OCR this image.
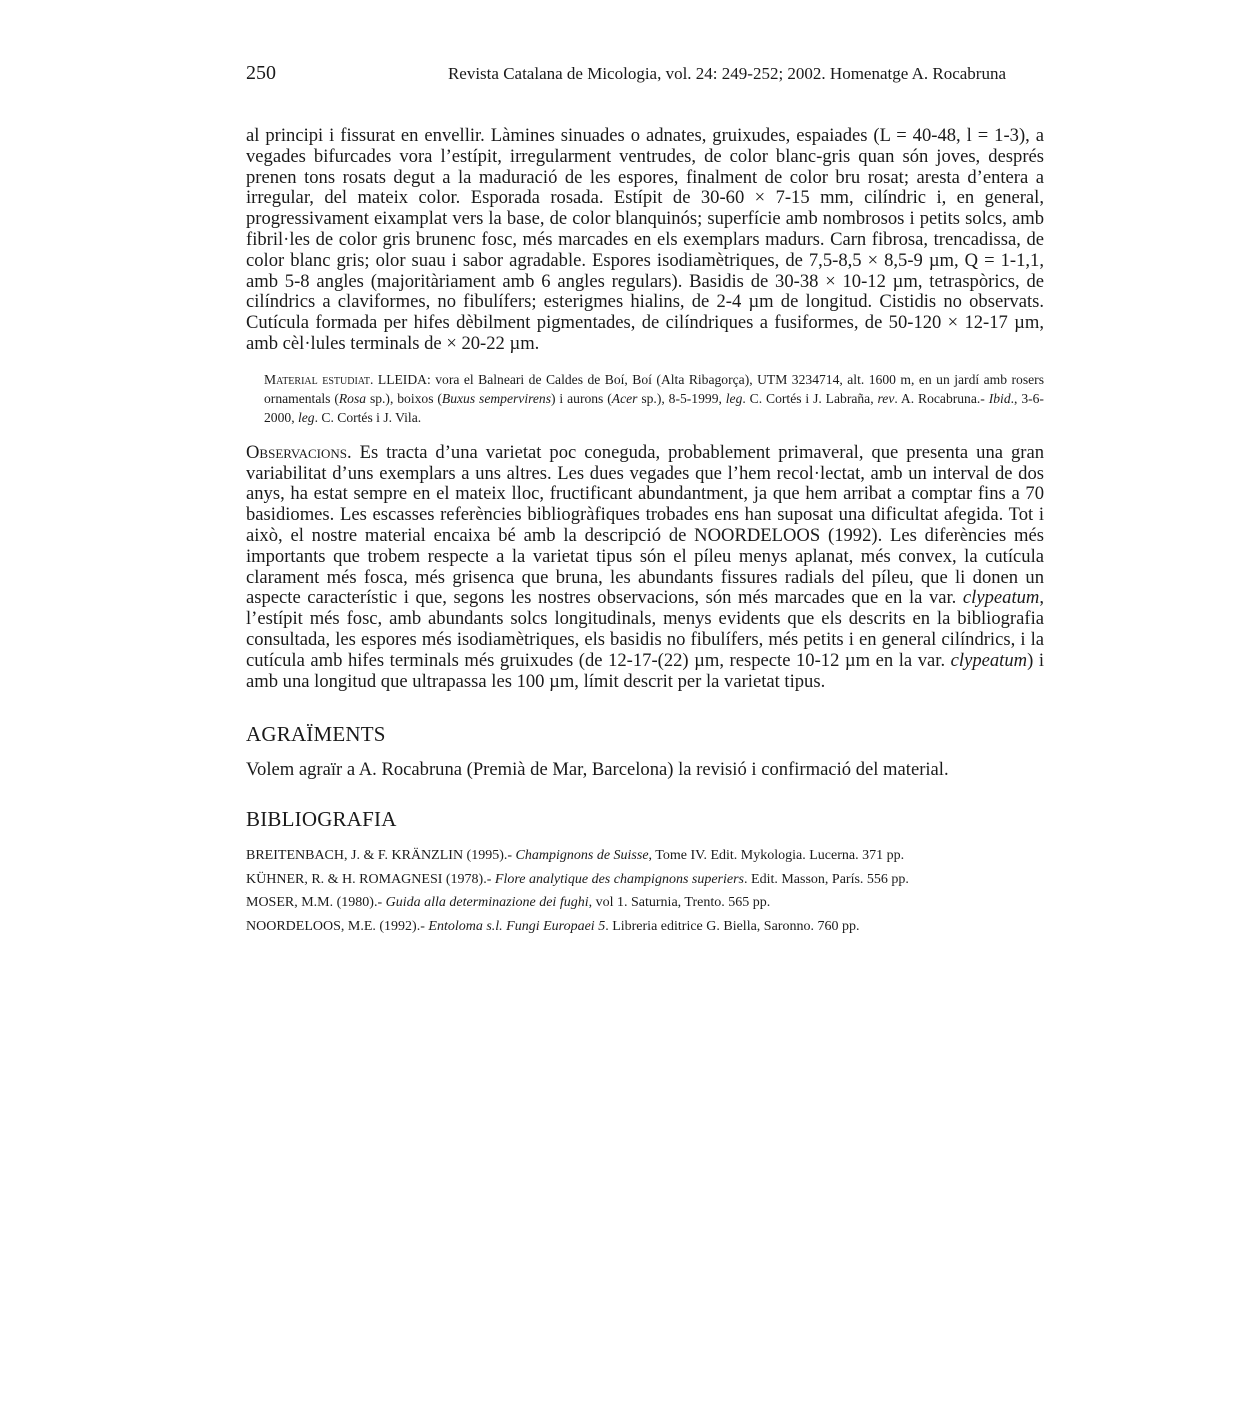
250	Revista Catalana de Micologia, vol. 24: 249-252; 2002. Homenatge A. Rocabruna

al principi i fissurat en envellir. Làmines sinuades o adnates, gruixudes, espaiades (L = 40-48, l = 1-3), a vegades bifurcades vora l’estípit, irregularment ventrudes, de color blanc-gris quan són joves, després prenen tons rosats degut a la maduració de les espores, finalment de color bru rosat; aresta d’entera a irregular, del mateix color. Esporada rosada. Estípit de 30-60 × 7-15 mm, cilíndric i, en general, progressivament eixamplat vers la base, de color blanquinós; superfície amb nombrosos i petits solcs, amb fibril·les de color gris brunenc fosc, més marcades en els exemplars madurs. Carn fibrosa, trencadissa, de color blanc gris; olor suau i sabor agradable. Espores isodiamètriques, de 7,5-8,5 × 8,5-9 µm, Q = 1-1,1, amb 5-8 angles (majoritàriament amb 6 angles regulars). Basidis de 30-38 × 10-12 µm, tetraspòrics, de cilíndrics a claviformes, no fibulífers; esterigmes hialins, de 2-4 µm de longitud. Cistidis no observats. Cutícula formada per hifes dèbilment pigmentades, de cilíndriques a fusiformes, de 50-120 × 12-17 µm, amb cèl·lules terminals de × 20-22 µm.

Material estudiat. LLEIDA: vora el Balneari de Caldes de Boí, Boí (Alta Ribagorça), UTM 3234714, alt. 1600 m, en un jardí amb rosers ornamentals (Rosa sp.), boixos (Buxus sempervirens) i aurons (Acer sp.), 8-5-1999, leg. C. Cortés i J. Labraña, rev. A. Rocabruna.- Ibid., 3-6-2000, leg. C. Cortés i J. Vila.

Observacions. Es tracta d’una varietat poc coneguda, probablement primaveral, que presenta una gran variabilitat d’uns exemplars a uns altres. Les dues vegades que l’hem recol·lectat, amb un interval de dos anys, ha estat sempre en el mateix lloc, fructificant abundantment, ja que hem arribat a comptar fins a 70 basidiomes. Les escasses referències bibliogràfiques trobades ens han suposat una dificultat afegida. Tot i això, el nostre material encaixa bé amb la descripció de NOORDELOOS (1992). Les diferències més importants que trobem respecte a la varietat tipus són el píleu menys aplanat, més convex, la cutícula clarament més fosca, més grisenca que bruna, les abundants fissures radials del píleu, que li donen un aspecte característic i que, segons les nostres observacions, són més marcades que en la var. clypeatum, l’estípit més fosc, amb abundants solcs longitudinals, menys evidents que els descrits en la bibliografia consultada, les espores més isodiamètriques, els basidis no fibulífers, més petits i en general cilíndrics, i la cutícula amb hifes terminals més gruixudes (de 12-17-(22) µm, respecte 10-12 µm en la var. clypeatum) i amb una longitud que ultrapassa les 100 µm, límit descrit per la varietat tipus.

AGRAÏMENTS

Volem agraïr a A. Rocabruna (Premià de Mar, Barcelona) la revisió i confirmació del material.

BIBLIOGRAFIA
BREITENBACH, J. & F. KRÄNZLIN (1995).- Champignons de Suisse, Tome IV. Edit. Mykologia. Lucerna. 371 pp.
KÜHNER, R. & H. ROMAGNESI (1978).- Flore analytique des champignons superiers. Edit. Masson, París. 556 pp.
MOSER, M.M. (1980).- Guida alla determinazione dei fughi, vol 1. Saturnia, Trento. 565 pp.
NOORDELOOS, M.E. (1992).- Entoloma s.l. Fungi Europaei 5. Libreria editrice G. Biella, Saronno. 760 pp.
